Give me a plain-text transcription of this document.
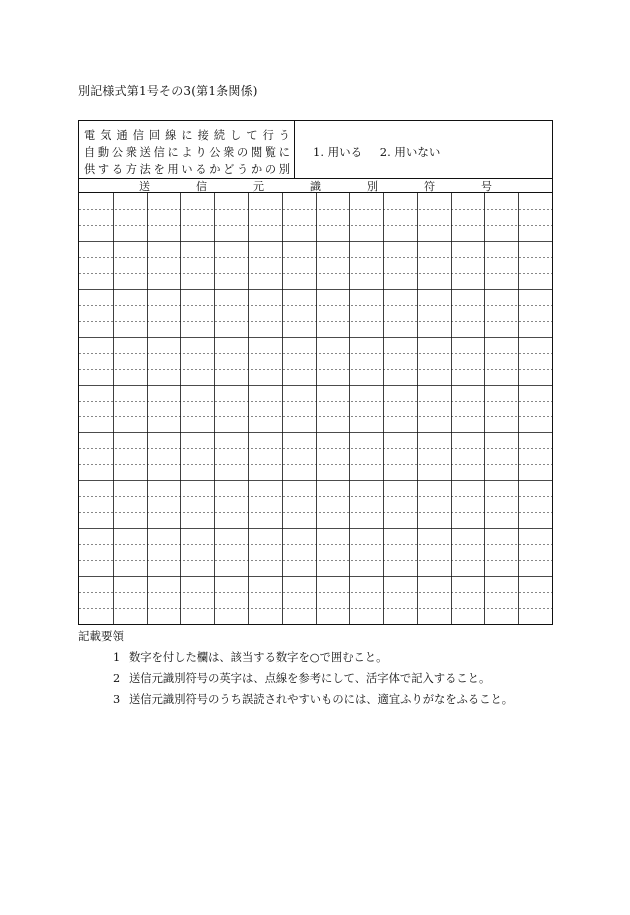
別記様式第1号その3(第1条関係)
電気通信回線に接続して行う
自動公衆送信により公衆の閲覧に
供する方法を用いるかどうかの別
1. 用いる 2. 用いない
送	信	元	識	別	符	号
記載要領
1 数字を付した欄は、該当する数字を○で囲むこと。
2 送信元識別符号の英字は、点線を参考にして、活字体で記入すること。
3 送信元識別符号のうち誤読されやすいものには、適宜ふりがなをふること。
